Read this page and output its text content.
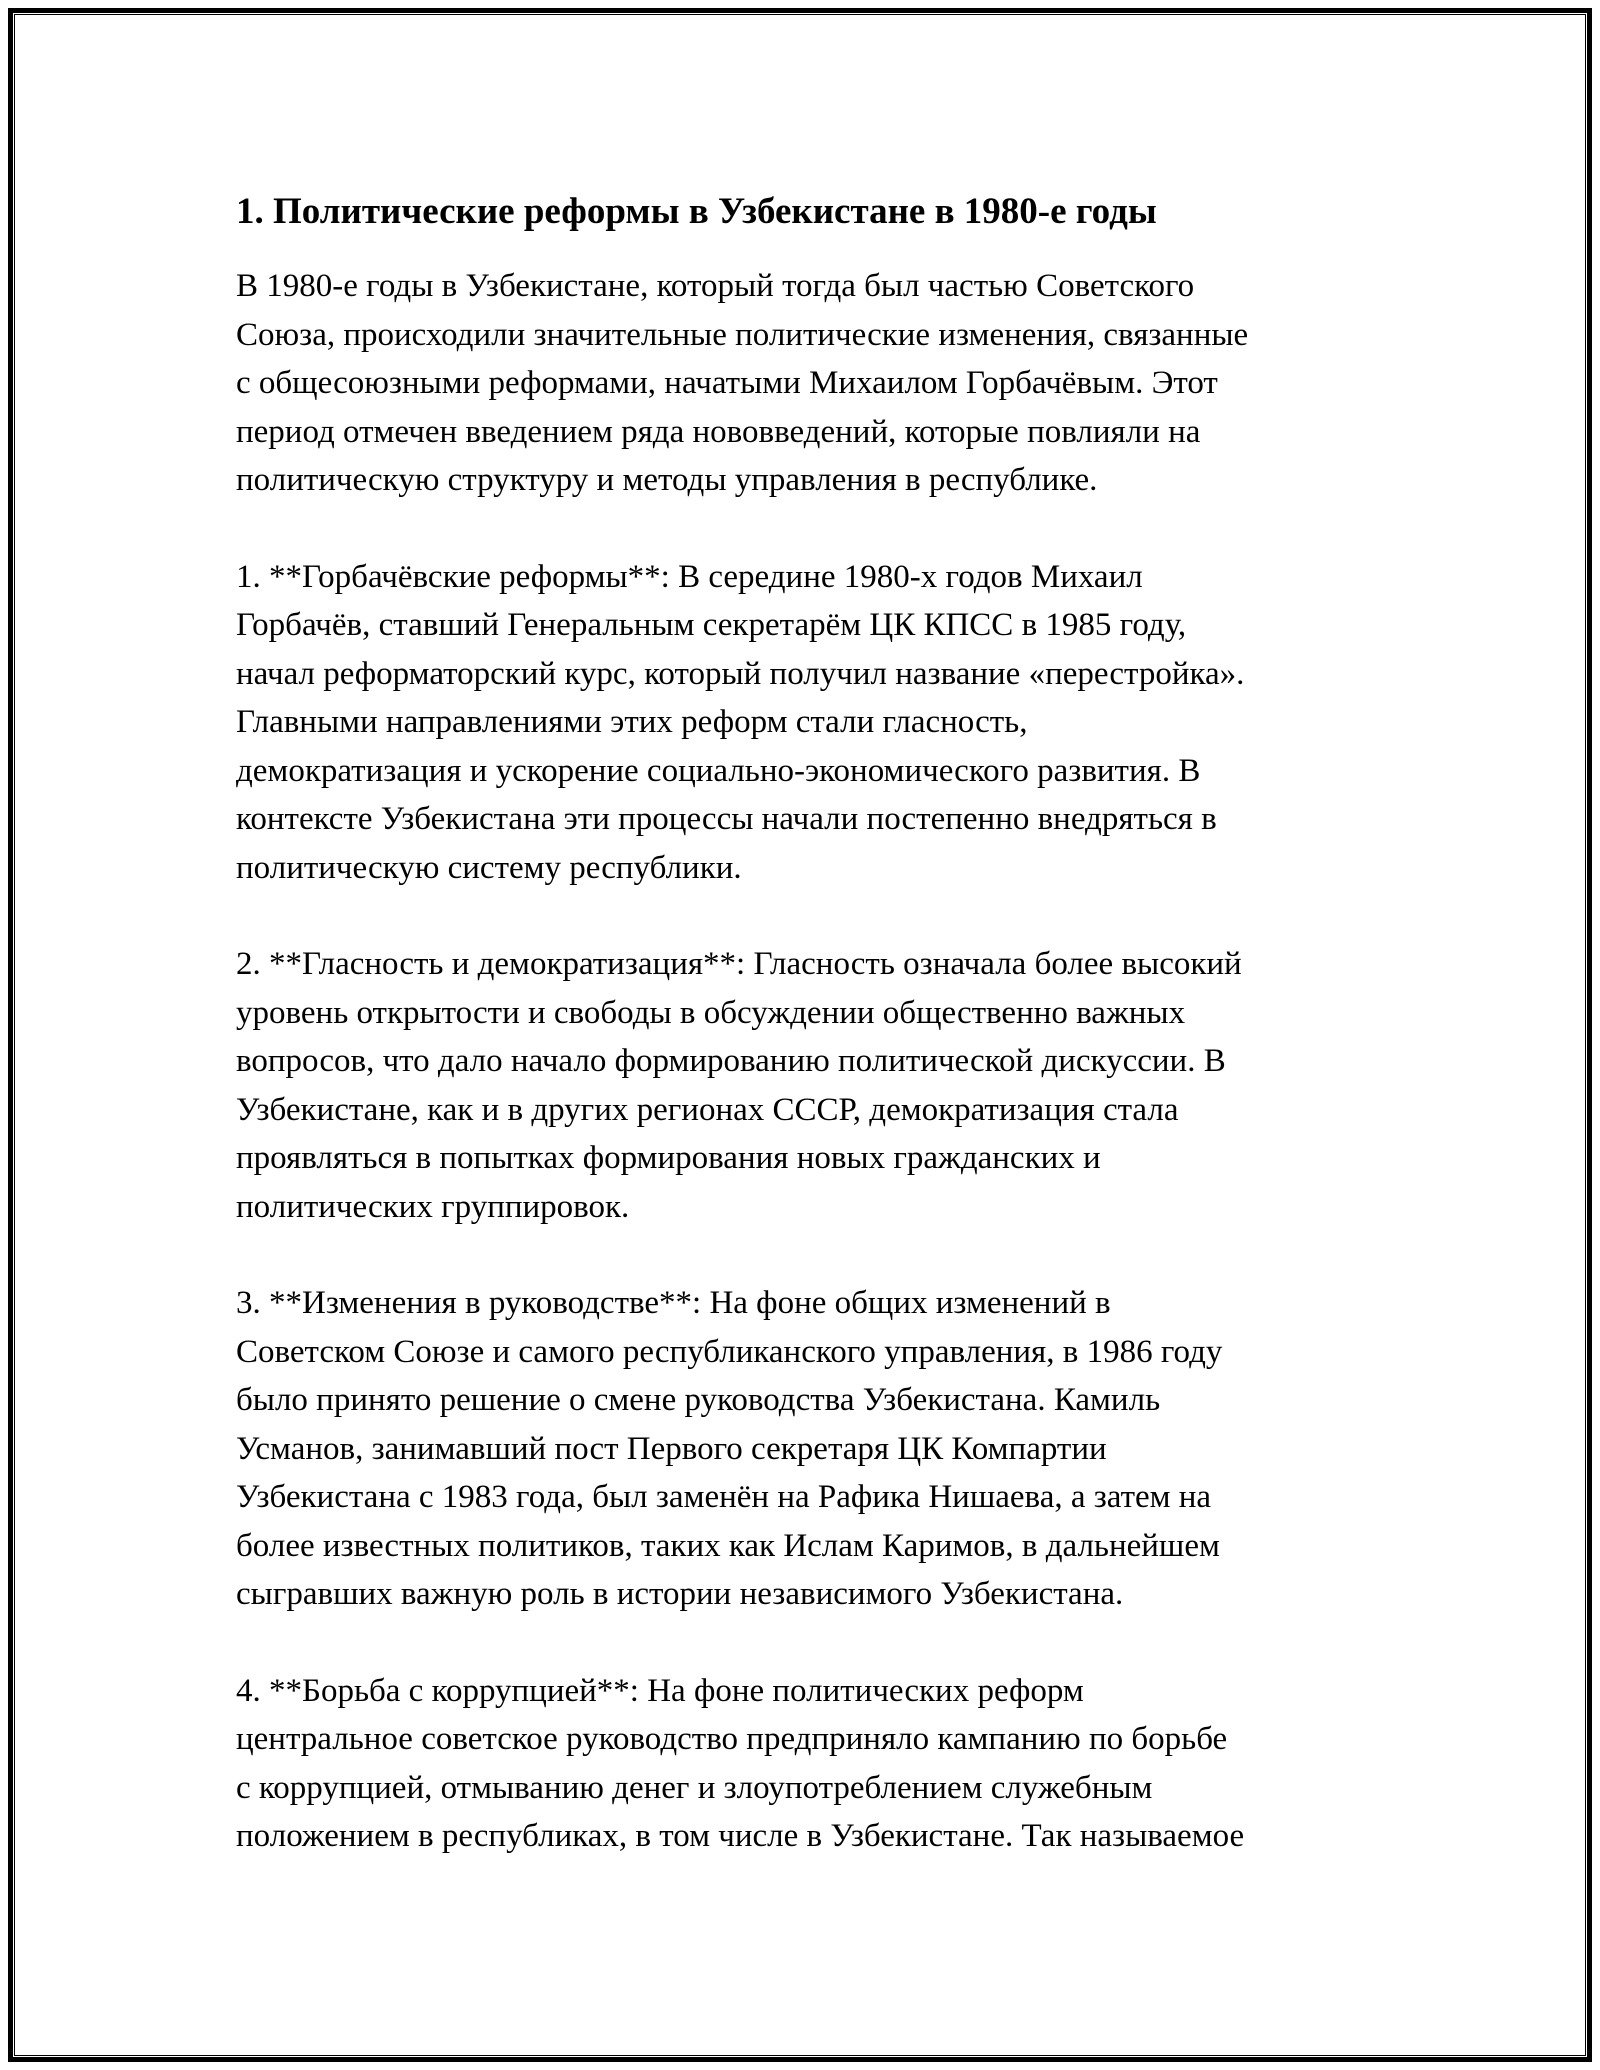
1. Политические реформы в Узбекистане в 1980-е годы

В 1980-е годы в Узбекистане, который тогда был частью Советского
Союза, происходили значительные политические изменения, связанные
с общесоюзными реформами, начатыми Михаилом Горбачёвым. Этот
период отмечен введением ряда нововведений, которые повлияли на
политическую структуру и методы управления в республике.

1. **Горбачёвские реформы**: В середине 1980-х годов Михаил
Горбачёв, ставший Генеральным секретарём ЦК КПСС в 1985 году,
начал реформаторский курс, который получил название «перестройка».
Главными направлениями этих реформ стали гласность,
демократизация и ускорение социально-экономического развития. В
контексте Узбекистана эти процессы начали постепенно внедряться в
политическую систему республики.

2. **Гласность и демократизация**: Гласность означала более высокий
уровень открытости и свободы в обсуждении общественно важных
вопросов, что дало начало формированию политической дискуссии. В
Узбекистане, как и в других регионах СССР, демократизация стала
проявляться в попытках формирования новых гражданских и
политических группировок.

3. **Изменения в руководстве**: На фоне общих изменений в
Советском Союзе и самого республиканского управления, в 1986 году
было принято решение о смене руководства Узбекистана. Камиль
Усманов, занимавший пост Первого секретаря ЦК Компартии
Узбекистана с 1983 года, был заменён на Рафика Нишаева, а затем на
более известных политиков, таких как Ислам Каримов, в дальнейшем
сыгравших важную роль в истории независимого Узбекистана.

4. **Борьба с коррупцией**: На фоне политических реформ
центральное советское руководство предприняло кампанию по борьбе
с коррупцией, отмыванию денег и злоупотреблением служебным
положением в республиках, в том числе в Узбекистане. Так называемое
